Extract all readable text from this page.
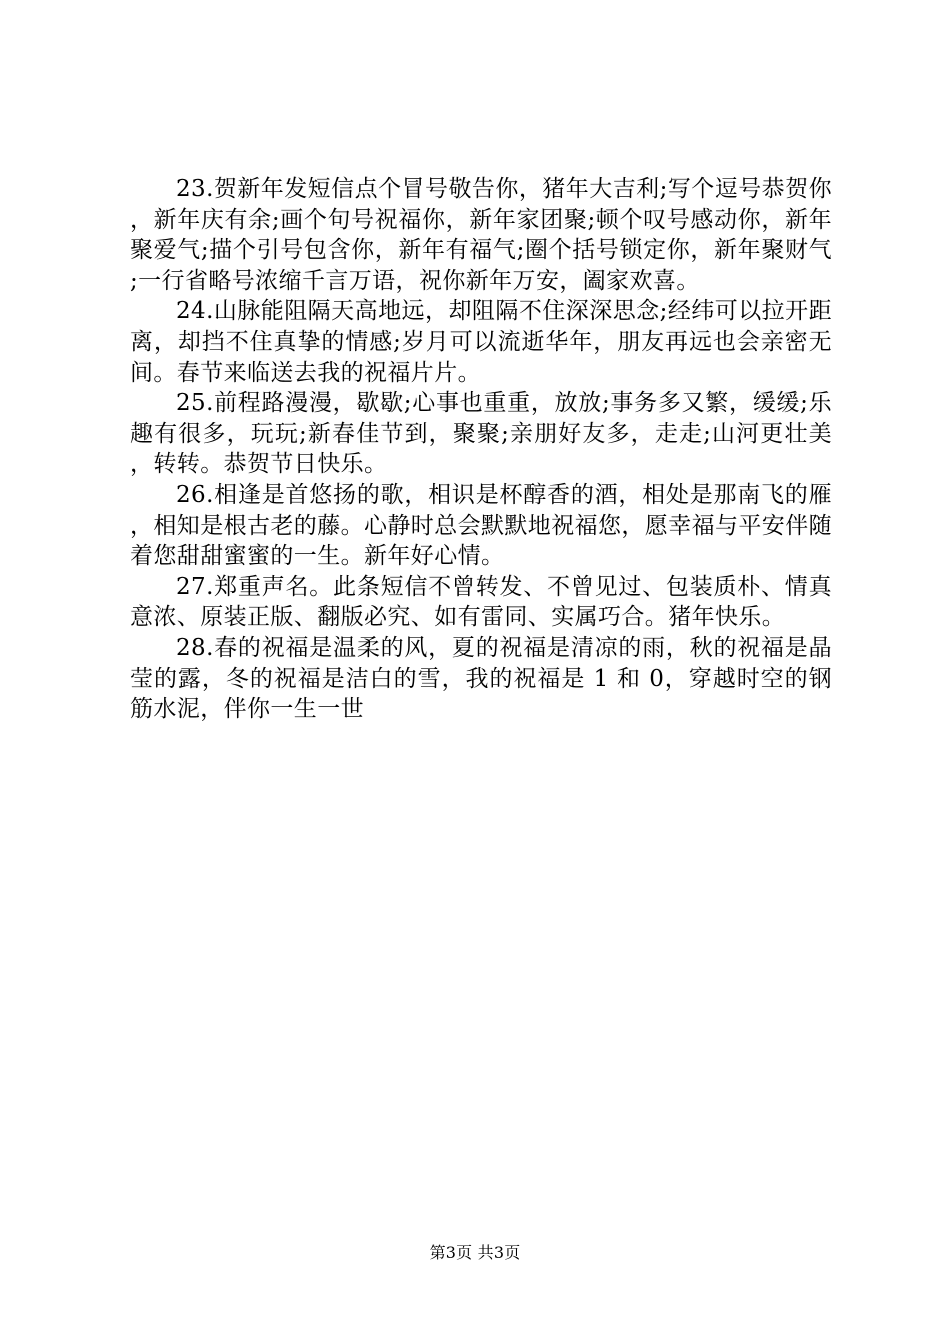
23.贺新年发短信点个冒号敬告你，猪年大吉利;写个逗号恭贺你，新年庆有余;画个句号祝福你，新年家团聚;顿个叹号感动你，新年聚爱气;描个引号包含你，新年有福气;圈个括号锁定你，新年聚财气;一行省略号浓缩千言万语，祝你新年万安，阖家欢喜。

24.山脉能阻隔天高地远，却阻隔不住深深思念;经纬可以拉开距离，却挡不住真挚的情感;岁月可以流逝华年，朋友再远也会亲密无间。春节来临送去我的祝福片片。

25.前程路漫漫，歇歇;心事也重重，放放;事务多又繁，缓缓;乐趣有很多，玩玩;新春佳节到，聚聚;亲朋好友多，走走;山河更壮美，转转。恭贺节日快乐。

26.相逢是首悠扬的歌，相识是杯醇香的酒，相处是那南飞的雁，相知是根古老的藤。心静时总会默默地祝福您，愿幸福与平安伴随着您甜甜蜜蜜的一生。新年好心情。

27.郑重声名。此条短信不曾转发、不曾见过、包装质朴、情真意浓、原装正版、翻版必究、如有雷同、实属巧合。猪年快乐。

28.春的祝福是温柔的风，夏的祝福是清凉的雨，秋的祝福是晶莹的露，冬的祝福是洁白的雪，我的祝福是 1 和 0，穿越时空的钢筋水泥，伴你一生一世

第3页 共3页
